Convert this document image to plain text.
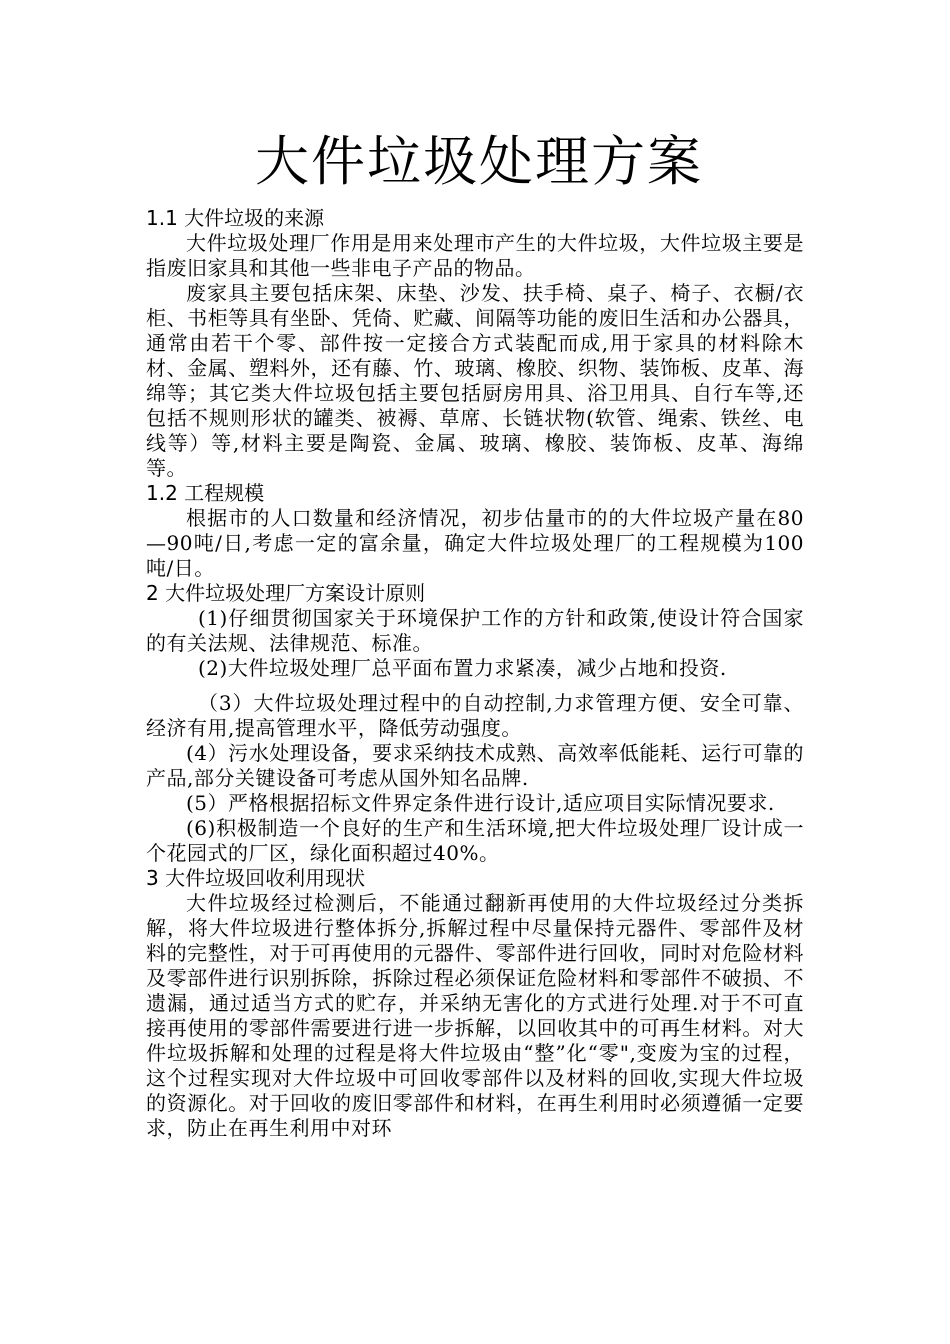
大件垃圾处理方案
1.1 大件垃圾的来源

大件垃圾处理厂作用是用来处理市产生的大件垃圾，大件垃圾主要是指废旧家具和其他一些非电子产品的物品。

废家具主要包括床架、床垫、沙发、扶手椅、桌子、椅子、衣橱/衣柜、书柜等具有坐卧、凭倚、贮藏、间隔等功能的废旧生活和办公器具，通常由若干个零、部件按一定接合方式装配而成,用于家具的材料除木材、金属、塑料外，还有藤、竹、玻璃、橡胶、织物、装饰板、皮革、海绵等；其它类大件垃圾包括主要包括厨房用具、浴卫用具、自行车等,还包括不规则形状的罐类、被褥、草席、长链状物(软管、绳索、铁丝、电线等）等,材料主要是陶瓷、金属、玻璃、橡胶、装饰板、皮革、海绵等。

1.2 工程规模

根据市的人口数量和经济情况，初步估量市的的大件垃圾产量在80—90吨/日,考虑一定的富余量，确定大件垃圾处理厂的工程规模为100吨/日。

2 大件垃圾处理厂方案设计原则

(1)仔细贯彻国家关于环境保护工作的方针和政策,使设计符合国家的有关法规、法律规范、标准。

(2)大件垃圾处理厂总平面布置力求紧凑，减少占地和投资.

（3）大件垃圾处理过程中的自动控制,力求管理方便、安全可靠、经济有用,提高管理水平，降低劳动强度。

(4）污水处理设备，要求采纳技术成熟、高效率低能耗、运行可靠的产品,部分关键设备可考虑从国外知名品牌.

(5）严格根据招标文件界定条件进行设计,适应项目实际情况要求.

(6)积极制造一个良好的生产和生活环境,把大件垃圾处理厂设计成一个花园式的厂区，绿化面积超过40%。

3 大件垃圾回收利用现状

大件垃圾经过检测后，不能通过翻新再使用的大件垃圾经过分类拆解，将大件垃圾进行整体拆分,拆解过程中尽量保持元器件、零部件及材料的完整性，对于可再使用的元器件、零部件进行回收，同时对危险材料及零部件进行识别拆除，拆除过程必须保证危险材料和零部件不破损、不遗漏，通过适当方式的贮存，并采纳无害化的方式进行处理.对于不可直接再使用的零部件需要进行进一步拆解，以回收其中的可再生材料。对大件垃圾拆解和处理的过程是将大件垃圾由“整”化“零",变废为宝的过程，这个过程实现对大件垃圾中可回收零部件以及材料的回收,实现大件垃圾的资源化。对于回收的废旧零部件和材料，在再生利用时必须遵循一定要求，防止在再生利用中对环
